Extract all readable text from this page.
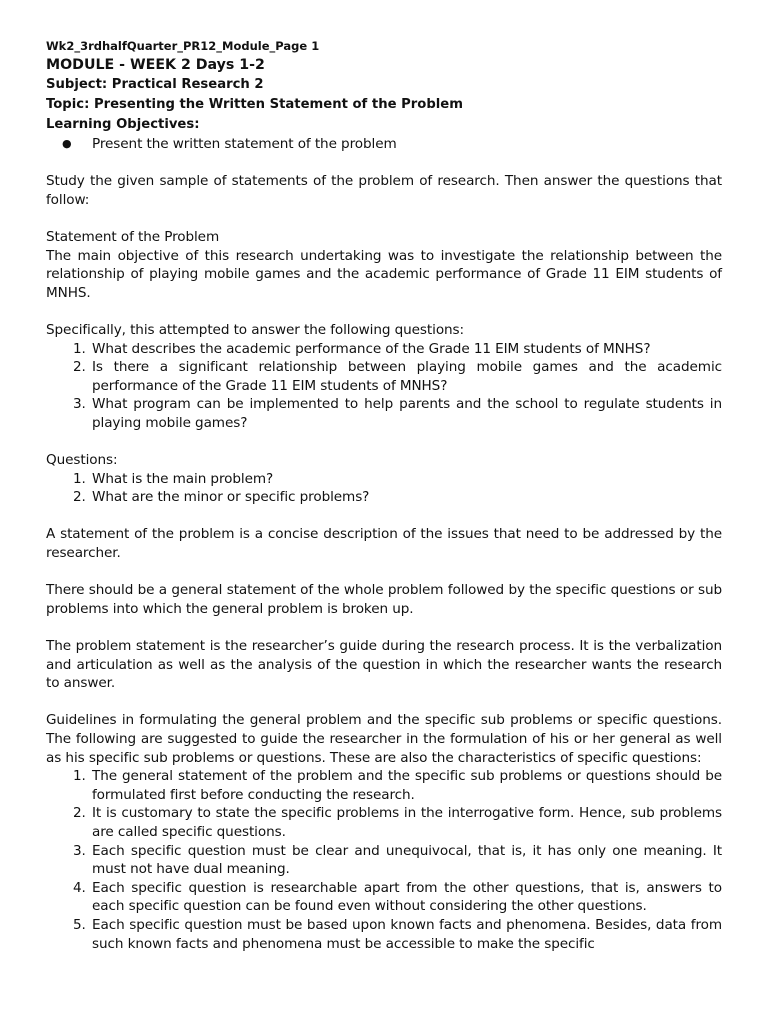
Wk2_3rdhalfQuarter_PR12_Module_Page 1
MODULE - WEEK 2 Days 1-2
Subject: Practical Research 2
Topic: Presenting the Written Statement of the Problem
Learning Objectives:
● Present the written statement of the problem
Study the given sample of statements of the problem of research. Then answer the questions that follow:
Statement of the Problem
The main objective of this research undertaking was to investigate the relationship between the relationship of playing mobile games and the academic performance of Grade 11 EIM students of MNHS.
Specifically, this attempted to answer the following questions:
1. What describes the academic performance of the Grade 11 EIM students of MNHS?
2. Is there a significant relationship between playing mobile games and the academic performance of the Grade 11 EIM students of MNHS?
3. What program can be implemented to help parents and the school to regulate students in playing mobile games?
Questions:
1. What is the main problem?
2. What are the minor or specific problems?
A statement of the problem is a concise description of the issues that need to be addressed by the researcher.
There should be a general statement of the whole problem followed by the specific questions or sub problems into which the general problem is broken up.
The problem statement is the researcher’s guide during the research process. It is the verbalization and articulation as well as the analysis of the question in which the researcher wants the research to answer.
Guidelines in formulating the general problem and the specific sub problems or specific questions. The following are suggested to guide the researcher in the formulation of his or her general as well as his specific sub problems or questions. These are also the characteristics of specific questions:
1. The general statement of the problem and the specific sub problems or questions should be formulated first before conducting the research.
2. It is customary to state the specific problems in the interrogative form. Hence, sub problems are called specific questions.
3. Each specific question must be clear and unequivocal, that is, it has only one meaning. It must not have dual meaning.
4. Each specific question is researchable apart from the other questions, that is, answers to each specific question can be found even without considering the other questions.
5. Each specific question must be based upon known facts and phenomena. Besides, data from such known facts and phenomena must be accessible to make the specific
